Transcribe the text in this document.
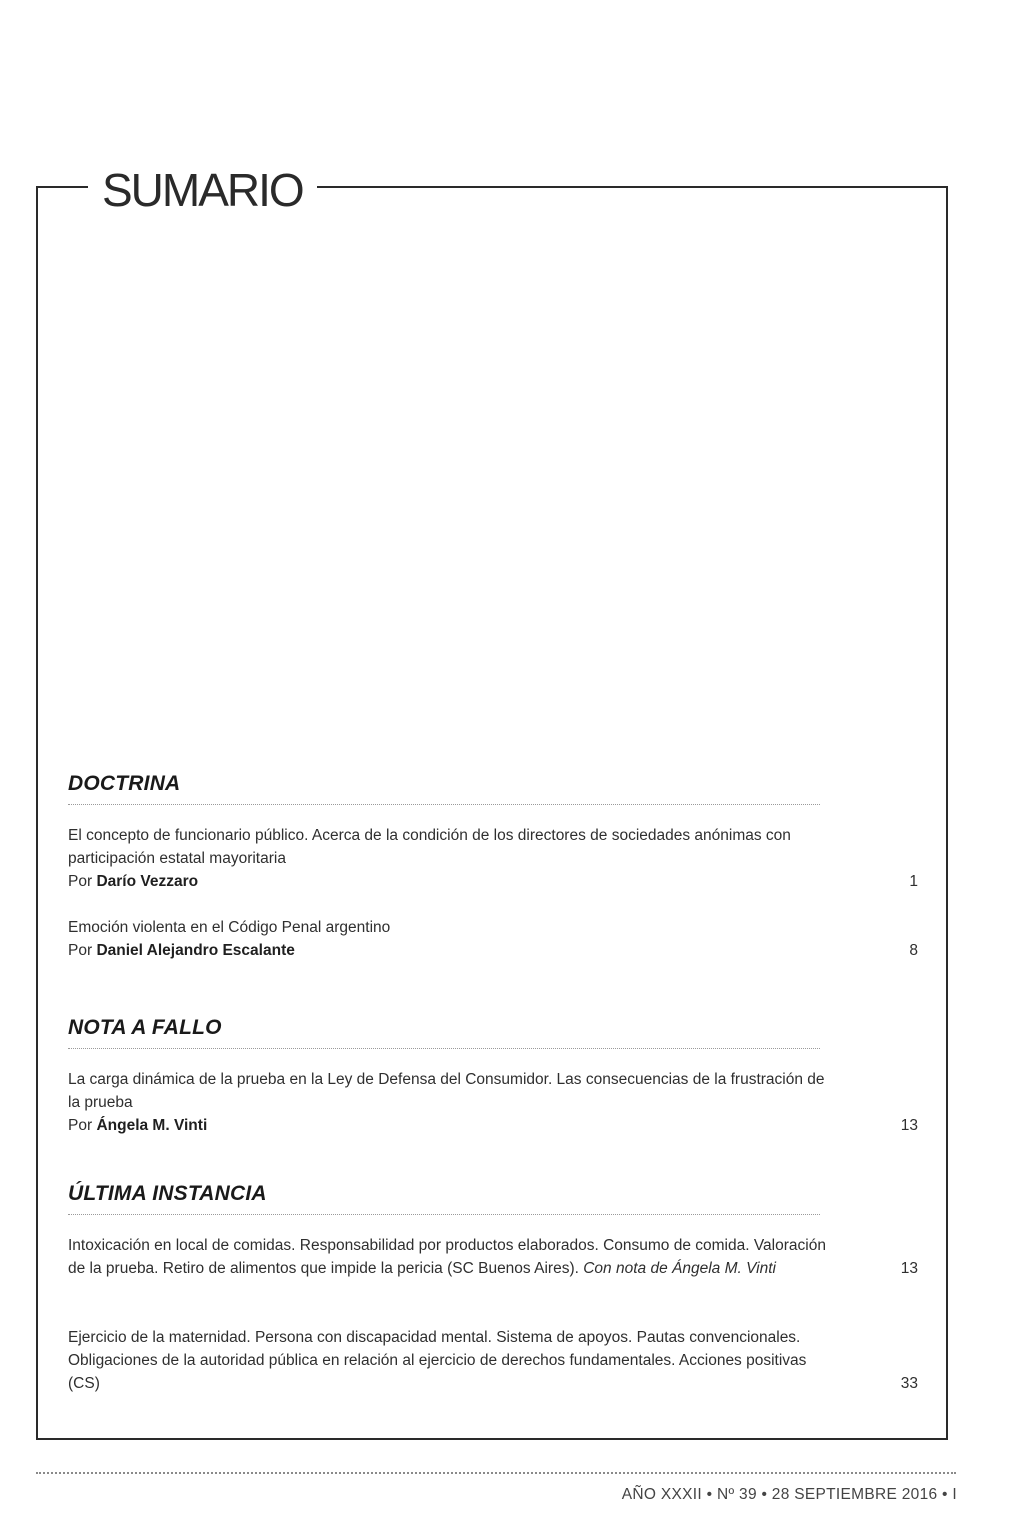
SUMARIO
DOCTRINA
El concepto de funcionario público. Acerca de la condición de los directores de sociedades anónimas con participación estatal mayoritaria
Por Darío Vezzaro	1
Emoción violenta en el Código Penal argentino
Por Daniel Alejandro Escalante	8
NOTA A FALLO
La carga dinámica de la prueba en la Ley de Defensa del Consumidor. Las consecuencias de la frustración de la prueba
Por Ángela M. Vinti	13
ÚLTIMA INSTANCIA
Intoxicación en local de comidas. Responsabilidad por productos elaborados. Consumo de comida. Valoración de la prueba. Retiro de alimentos que impide la pericia (SC Buenos Aires). Con nota de Ángela M. Vinti	13
Ejercicio de la maternidad. Persona con discapacidad mental. Sistema de apoyos. Pautas convencionales. Obligaciones de la autoridad pública en relación al ejercicio de derechos fundamentales. Acciones positivas (CS)	33
AÑO XXXII • Nº 39 • 28 SEPTIEMBRE 2016 • I
